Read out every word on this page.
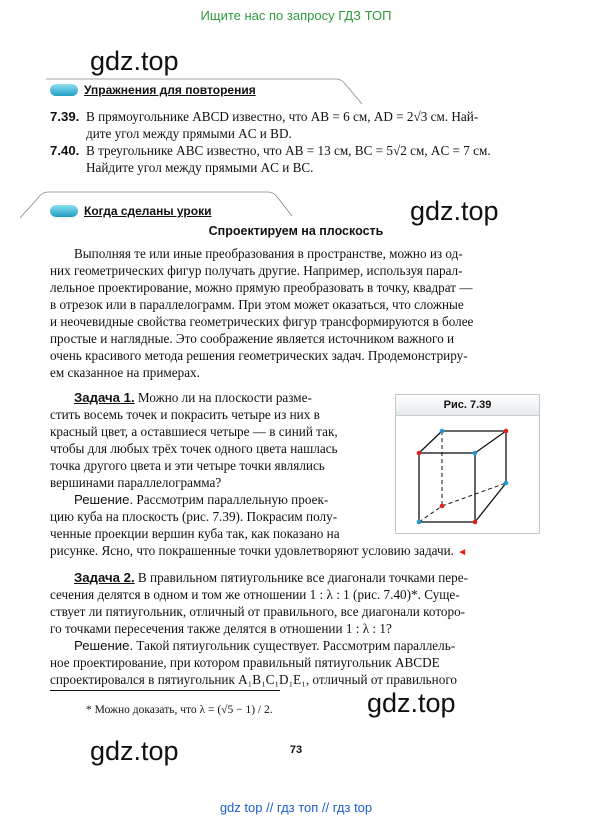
Ищите нас по запросу ГДЗ ТОП
gdz.top
gdz.top
gdz.top
gdz.top
Упражнения для повторения
7.39. В прямоугольнике ABCD известно, что AB = 6 см, AD = 2√3 см. Най-
дите угол между прямыми AC и BD.
7.40. В треугольнике ABC известно, что AB = 13 см, BC = 5√2 см, AC = 7 см.
Найдите угол между прямыми AC и BC.
Когда сделаны уроки
Спроектируем на плоскость
Выполняя те или иные преобразования в пространстве, можно из од-
них геометрических фигур получать другие. Например, используя парал-
лельное проектирование, можно прямую преобразовать в точку, квадрат —
в отрезок или в параллелограмм. При этом может оказаться, что сложные
и неочевидные свойства геометрических фигур трансформируются в более
простые и наглядные. Это соображение является источником важного и
очень красивого метода решения геометрических задач. Продемонстриру-
ем сказанное на примерах.
Задача 1. Можно ли на плоскости разме-
стить восемь точек и покрасить четыре из них в
красный цвет, а оставшиеся четыре — в синий так,
чтобы для любых трёх точек одного цвета нашлась
точка другого цвета и эти четыре точки являлись
вершинами параллелограмма?
Решение. Рассмотрим параллельную проек-
цию куба на плоскость (рис. 7.39). Покрасим полу-
ченные проекции вершин куба так, как показано на
рисунке. Ясно, что покрашенные точки удовлетворяют условию задачи. ◄
Рис. 7.39
Задача 2. В правильном пятиугольнике все диагонали точками пере-
сечения делятся в одном и том же отношении 1 : λ : 1 (рис. 7.40)*. Суще-
ствует ли пятиугольник, отличный от правильного, все диагонали которо-
го точками пересечения также делятся в отношении 1 : λ : 1?
Решение. Такой пятиугольник существует. Рассмотрим параллель-
ное проектирование, при котором правильный пятиугольник ABCDE
спроектировался в пятиугольник A₁B₁C₁D₁E₁, отличный от правильного
* Можно доказать, что λ = (√5 − 1) / 2.
73
gdz top // гдз топ // гдз top
